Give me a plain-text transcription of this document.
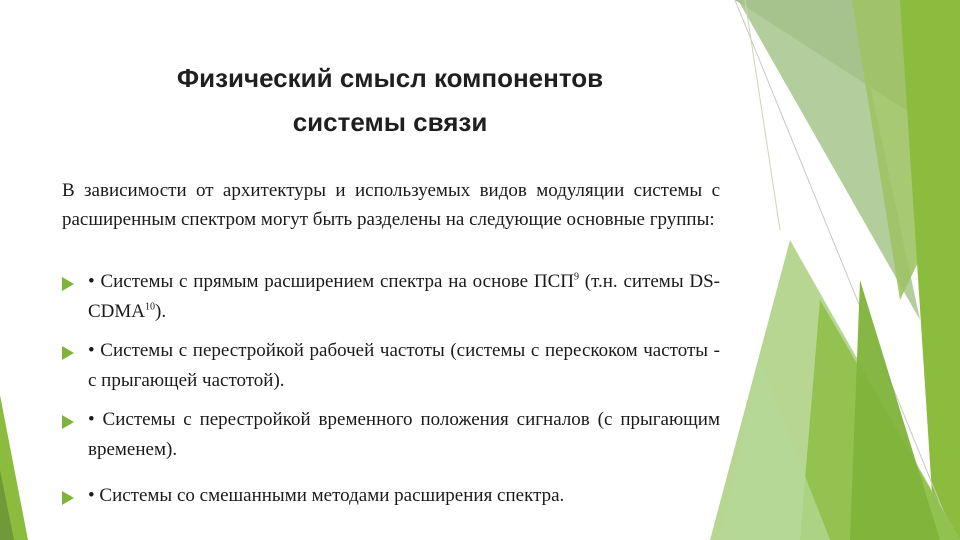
Физический смысл компонентов
системы связи

В зависимости от архитектуры и используемых видов модуляции системы с расширенным спектром могут быть разделены на следующие основные группы:

• Системы с прямым расширением спектра на основе ПСП$^9$ (т.н. ситемы DS-CDMA$^{10}$).
• Системы с перестройкой рабочей частоты (системы с перескоком частоты - с прыгающей частотой).
• Системы с перестройкой временного положения сигналов (с прыгающим временем).
• Системы со смешанными методами расширения спектра.
